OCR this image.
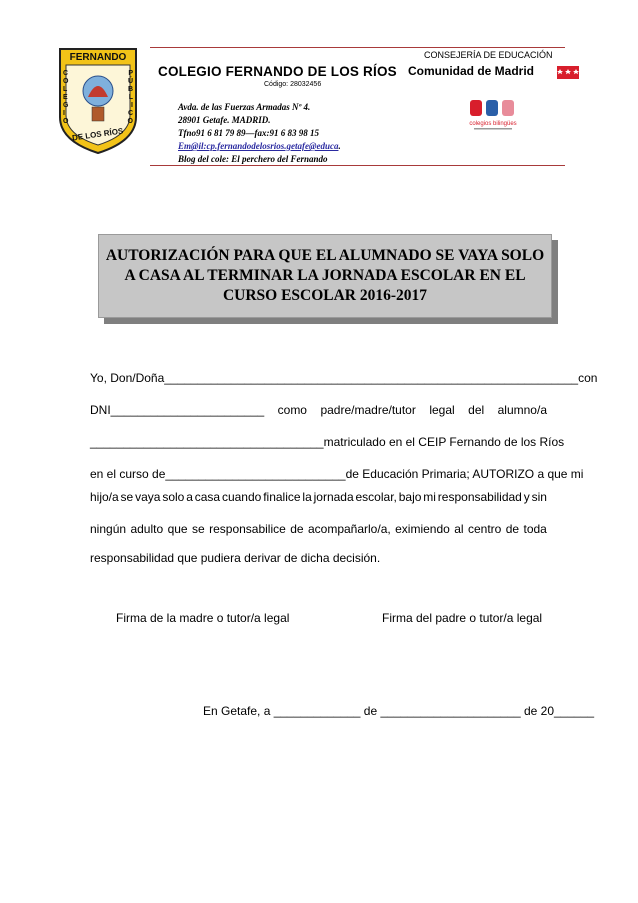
FERNANDO
C O L E G I O
P Ú B L I C O
DE LOS RÍOS
COLEGIO FERNANDO DE LOS RÍOS
Código: 28032456
Avda. de las Fuerzas Armadas Nº 4.
28901 Getafe. MADRID.
Tfno91 6 81 79 89—fax:91 6 83 98 15
Em@il:cp.fernandodelosrios.getafe@educa.
Blog del cole: El perchero del Fernando
CONSEJERÍA DE EDUCACIÓN
Comunidad de Madrid
colegios bilingües
AUTORIZACIÓN PARA QUE EL ALUMNADO SE VAYA SOLO A CASA AL TERMINAR LA JORNADA ESCOLAR EN EL CURSO ESCOLAR 2016-2017
Yo, Don/Doña ______________________________________________________________ con
DNI_______________________ como padre/madre/tutor legal del alumno/a
___________________________________ matriculado en el CEIP Fernando de los Ríos
en el curso de ___________________________ de Educación Primaria; AUTORIZO a que mi
hijo/a se vaya solo a casa cuando finalice la jornada escolar, bajo mi responsabilidad y sin
ningún adulto que se responsabilice de acompañarlo/a, eximiendo al centro de toda
responsabilidad que pudiera derivar de dicha decisión.
Firma de la madre o tutor/a legal	Firma del padre o tutor/a legal
En Getafe, a _____________ de _____________________ de 20______
